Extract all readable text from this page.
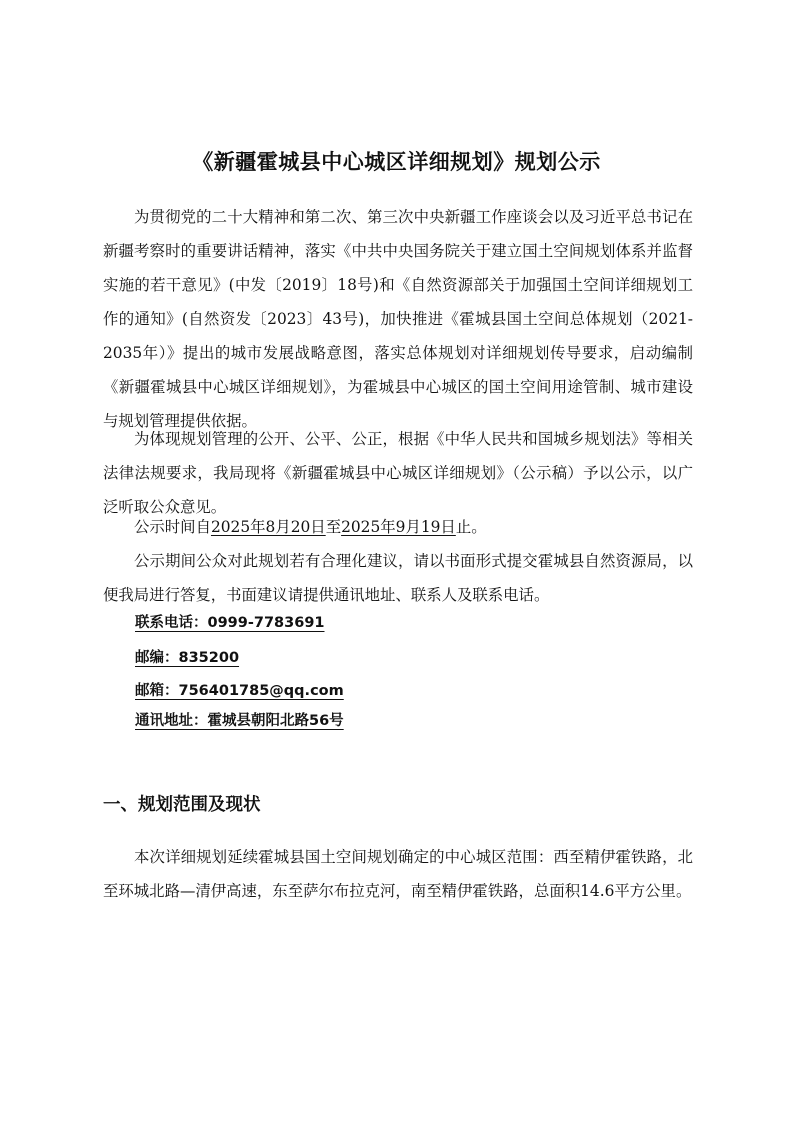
《新疆霍城县中心城区详细规划》规划公示

为贯彻党的二十大精神和第二次、第三次中央新疆工作座谈会以及习近平总书记在新疆考察时的重要讲话精神，落实《中共中央国务院关于建立国土空间规划体系并监督实施的若干意见》(中发〔2019〕18号)和《自然资源部关于加强国土空间详细规划工作的通知》(自然资发〔2023〕43号)，加快推进《霍城县国土空间总体规划（2021-2035年）》提出的城市发展战略意图，落实总体规划对详细规划传导要求，启动编制《新疆霍城县中心城区详细规划》，为霍城县中心城区的国土空间用途管制、城市建设与规划管理提供依据。

为体现规划管理的公开、公平、公正，根据《中华人民共和国城乡规划法》等相关法律法规要求，我局现将《新疆霍城县中心城区详细规划》（公示稿）予以公示，以广泛听取公众意见。

公示时间自2025年8月20日至2025年9月19日止。

公示期间公众对此规划若有合理化建议，请以书面形式提交霍城县自然资源局，以便我局进行答复，书面建议请提供通讯地址、联系人及联系电话。

联系电话：0999-7783691
邮编：835200
邮箱：756401785@qq.com
通讯地址：霍城县朝阳北路56号
一、规划范围及现状

本次详细规划延续霍城县国土空间规划确定的中心城区范围：西至精伊霍铁路，北至环城北路—清伊高速，东至萨尔布拉克河，南至精伊霍铁路，总面积14.6平方公里。
